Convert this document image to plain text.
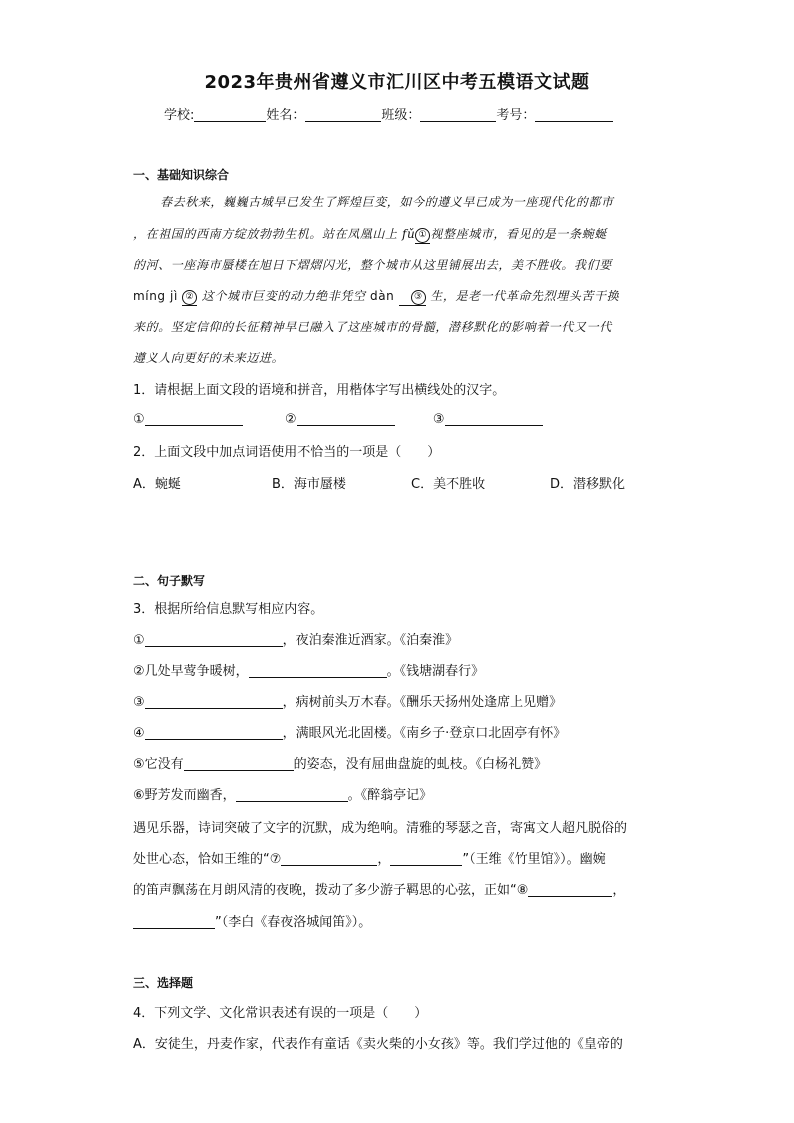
2023年贵州省遵义市汇川区中考五模语文试题
学校:	姓名：	班级：	考号：
一、基础知识综合
春去秋来，巍巍古城早已发生了辉煌巨变，如今的遵义早已成为一座现代化的都市
，在祖国的西南方绽放勃勃生机。站在凤凰山上 fǔ ① 视整座城市，看见的是一条蜿蜒
的河、一座海市蜃楼在旭日下熠熠闪光，整个城市从这里铺展出去，美不胜收。我们要
míng jì ② 这个城市巨变的动力绝非凭空 dàn ③ 生，是老一代革命先烈埋头苦干换
来的。坚定信仰的长征精神早已融入了这座城市的骨髓，潜移默化的影响着一代又一代
遵义人向更好的未来迈进。
1．请根据上面文段的语境和拼音，用楷体字写出横线处的汉字。
①	②	③
2．上面文段中加点词语使用不恰当的一项是（　　）
A．蜿蜒	B．海市蜃楼	C．美不胜收	D．潜移默化
二、句子默写
3．根据所给信息默写相应内容。
①	，夜泊秦淮近酒家。《泊秦淮》
②几处早莺争暖树，	。《钱塘湖春行》
③	，病树前头万木春。《酬乐天扬州处逢席上见赠》
④	，满眼风光北固楼。《南乡子·登京口北固亭有怀》
⑤它没有	的姿态，没有屈曲盘旋的虬枝。《白杨礼赞》
⑥野芳发而幽香，	。《醉翁亭记》
遇见乐器，诗词突破了文字的沉默，成为绝响。清雅的琴瑟之音，寄寓文人超凡脱俗的
处世心态，恰如王维的“⑦	，	”（王维《竹里馆》）。幽婉
的笛声飘荡在月朗风清的夜晚，拨动了多少游子羁思的心弦，正如“⑧	，
”（李白《春夜洛城闻笛》）。
三、选择题
4．下列文学、文化常识表述有误的一项是（　　）
A．安徒生，丹麦作家，代表作有童话《卖火柴的小女孩》等。我们学过他的《皇帝的
